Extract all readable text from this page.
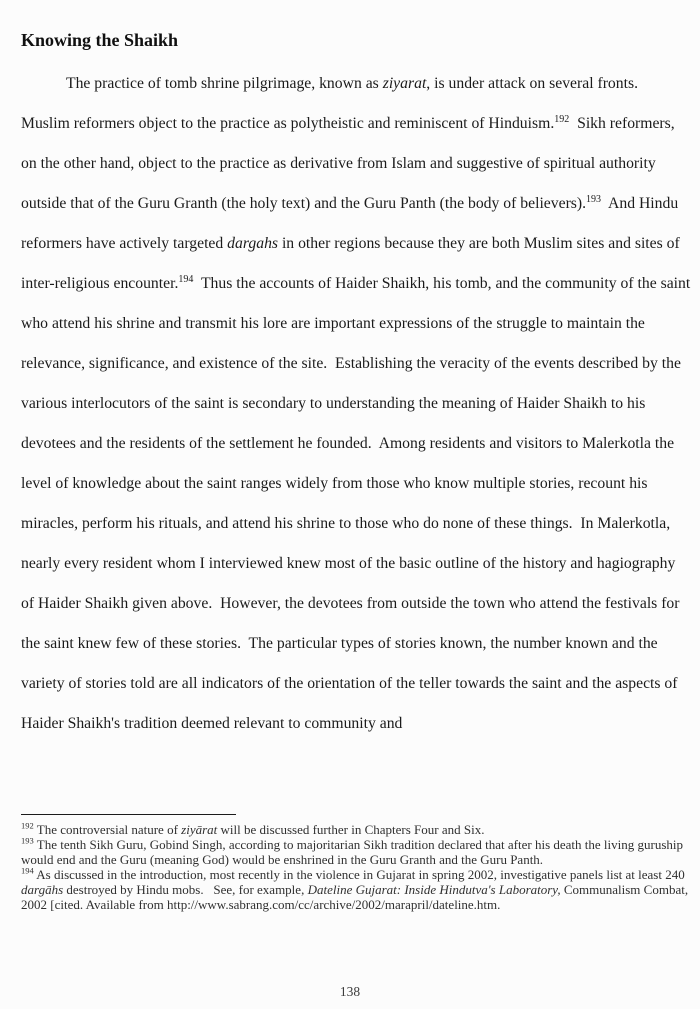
Knowing the Shaikh

The practice of tomb shrine pilgrimage, known as ziyarat, is under attack on several fronts.  Muslim reformers object to the practice as polytheistic and reminiscent of Hinduism.$^{192}$  Sikh reformers, on the other hand, object to the practice as derivative from Islam and suggestive of spiritual authority outside that of the Guru Granth (the holy text) and the Guru Panth (the body of believers).$^{193}$  And Hindu reformers have actively targeted dargahs in other regions because they are both Muslim sites and sites of inter-religious encounter.$^{194}$  Thus the accounts of Haider Shaikh, his tomb, and the community of the saint who attend his shrine and transmit his lore are important expressions of the struggle to maintain the relevance, significance, and existence of the site.  Establishing the veracity of the events described by the various interlocutors of the saint is secondary to understanding the meaning of Haider Shaikh to his devotees and the residents of the settlement he founded.  Among residents and visitors to Malerkotla the level of knowledge about the saint ranges widely from those who know multiple stories, recount his miracles, perform his rituals, and attend his shrine to those who do none of these things.  In Malerkotla, nearly every resident whom I interviewed knew most of the basic outline of the history and hagiography of Haider Shaikh given above.  However, the devotees from outside the town who attend the festivals for the saint knew few of these stories.  The particular types of stories known, the number known and the variety of stories told are all indicators of the orientation of the teller towards the saint and the aspects of Haider Shaikh's tradition deemed relevant to community and

$^{192}$ The controversial nature of ziyārat will be discussed further in Chapters Four and Six.

$^{193}$ The tenth Sikh Guru, Gobind Singh, according to majoritarian Sikh tradition declared that after his death the living guruship would end and the Guru (meaning God) would be enshrined in the Guru Granth and the Guru Panth.

$^{194}$ As discussed in the introduction, most recently in the violence in Gujarat in spring 2002, investigative panels list at least 240 dargāhs destroyed by Hindu mobs.   See, for example, Dateline Gujarat: Inside Hindutva's Laboratory, Communalism Combat, 2002 [cited. Available from http://www.sabrang.com/cc/archive/2002/marapril/dateline.htm.

138
